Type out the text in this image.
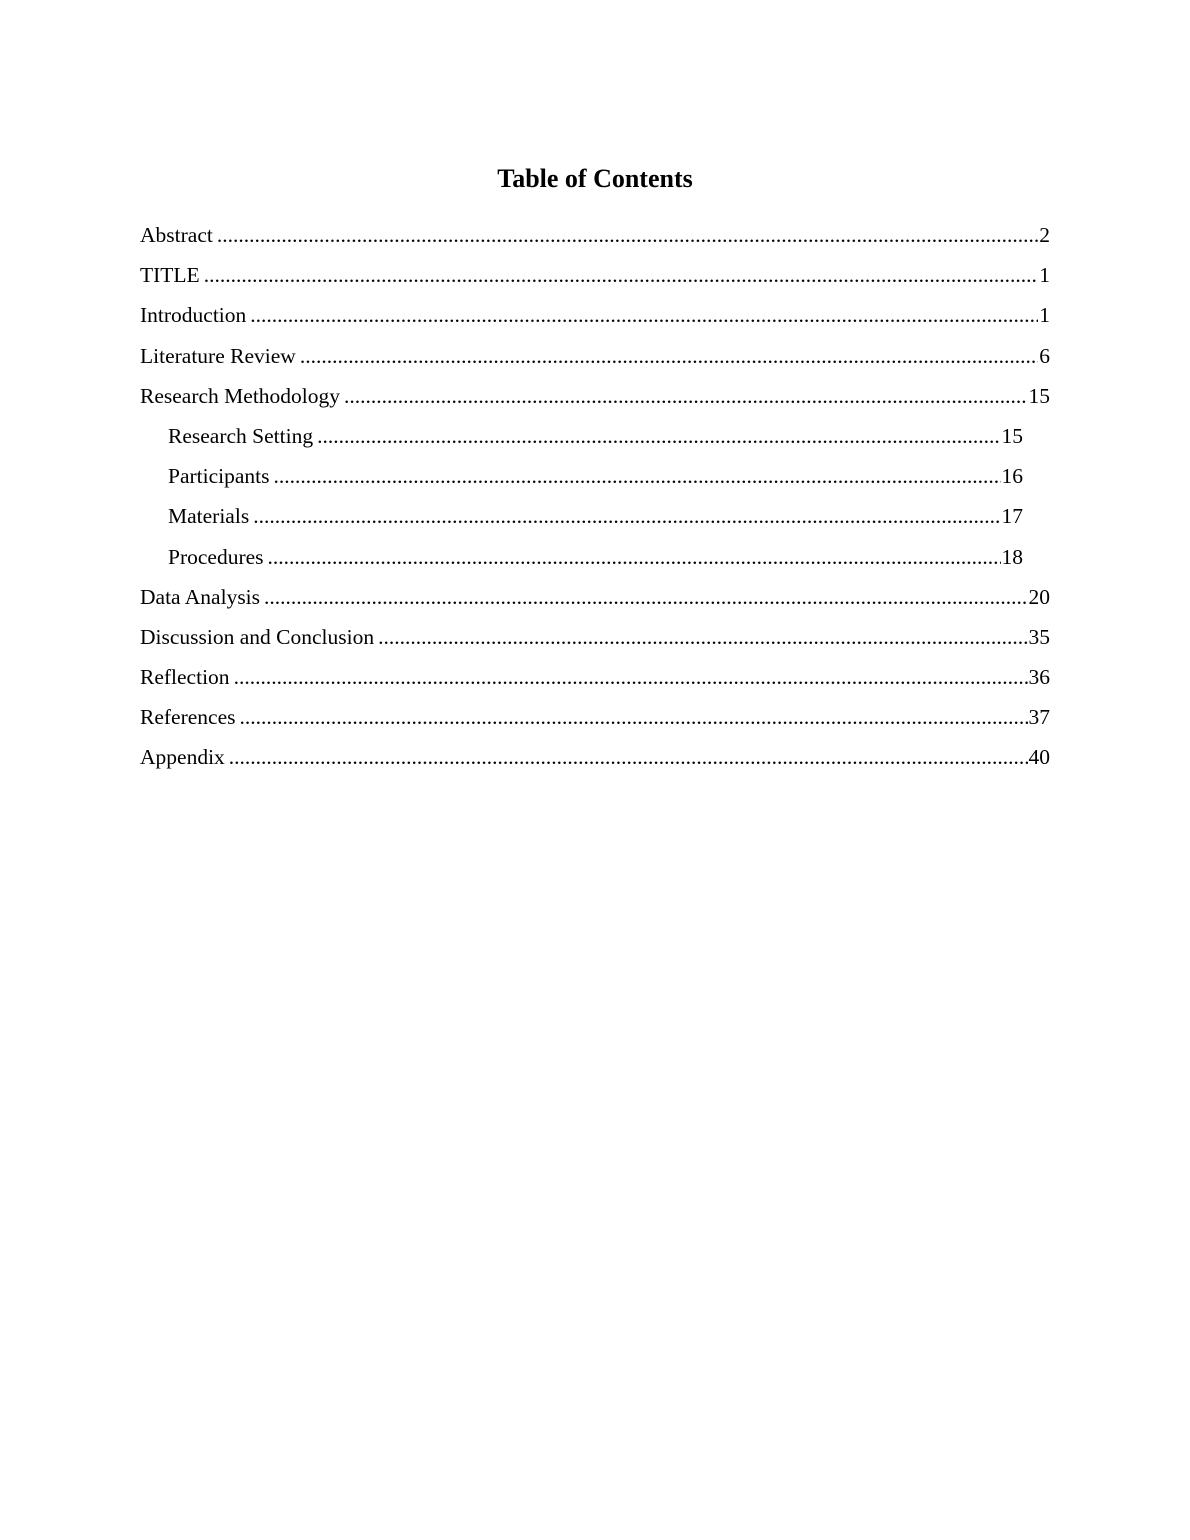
Table of Contents
Abstract .....	2
TITLE .....	1
Introduction .....	1
Literature Review .....	6
Research Methodology .....	15
Research Setting .....	15
Participants .....	16
Materials .....	17
Procedures .....	18
Data Analysis .....	20
Discussion and Conclusion .....	35
Reflection .....	36
References .....	37
Appendix .....	40
